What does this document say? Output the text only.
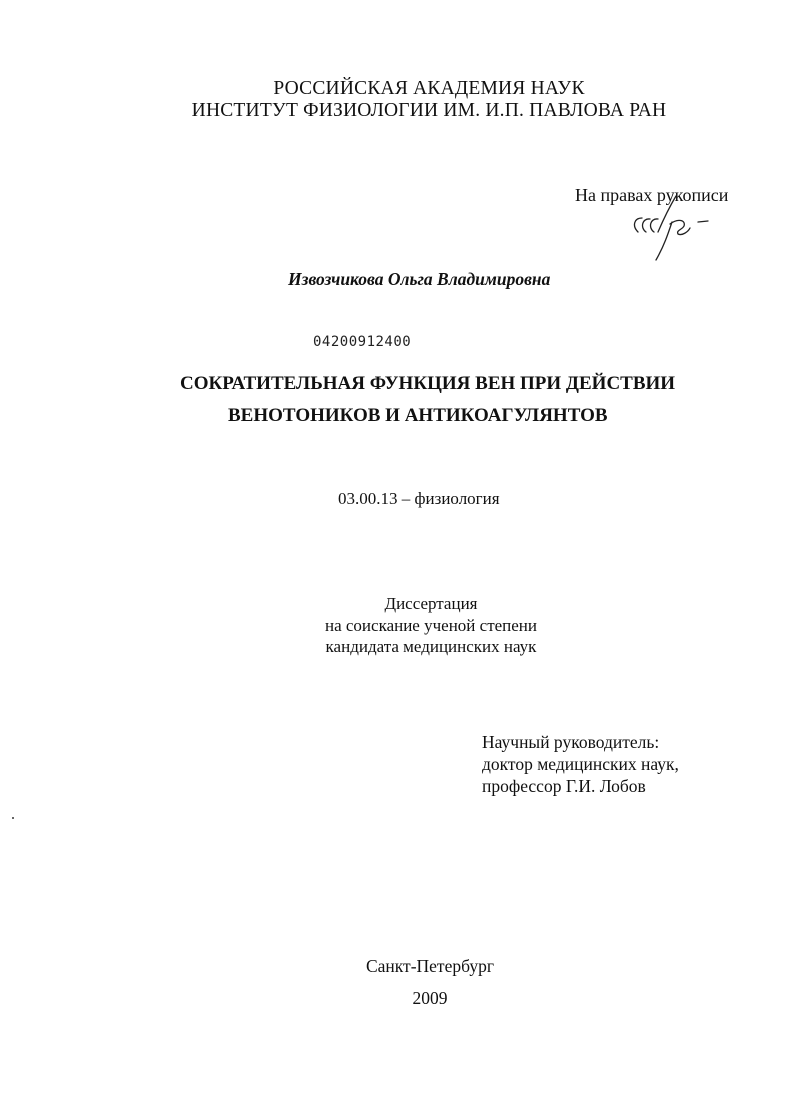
РОССИЙСКАЯ АКАДЕМИЯ НАУК
ИНСТИТУТ ФИЗИОЛОГИИ ИМ. И.П. ПАВЛОВА РАН
На правах рукописи
Извозчикова Ольга Владимировна
04200912400
СОКРАТИТЕЛЬНАЯ ФУНКЦИЯ ВЕН ПРИ ДЕЙСТВИИ
ВЕНОТОНИКОВ И АНТИКОАГУЛЯНТОВ
03.00.13 – физиология
Диссертация
на соискание ученой степени
кандидата медицинских наук
Научный руководитель:
доктор медицинских наук,
профессор Г.И. Лобов
Санкт-Петербург
2009
